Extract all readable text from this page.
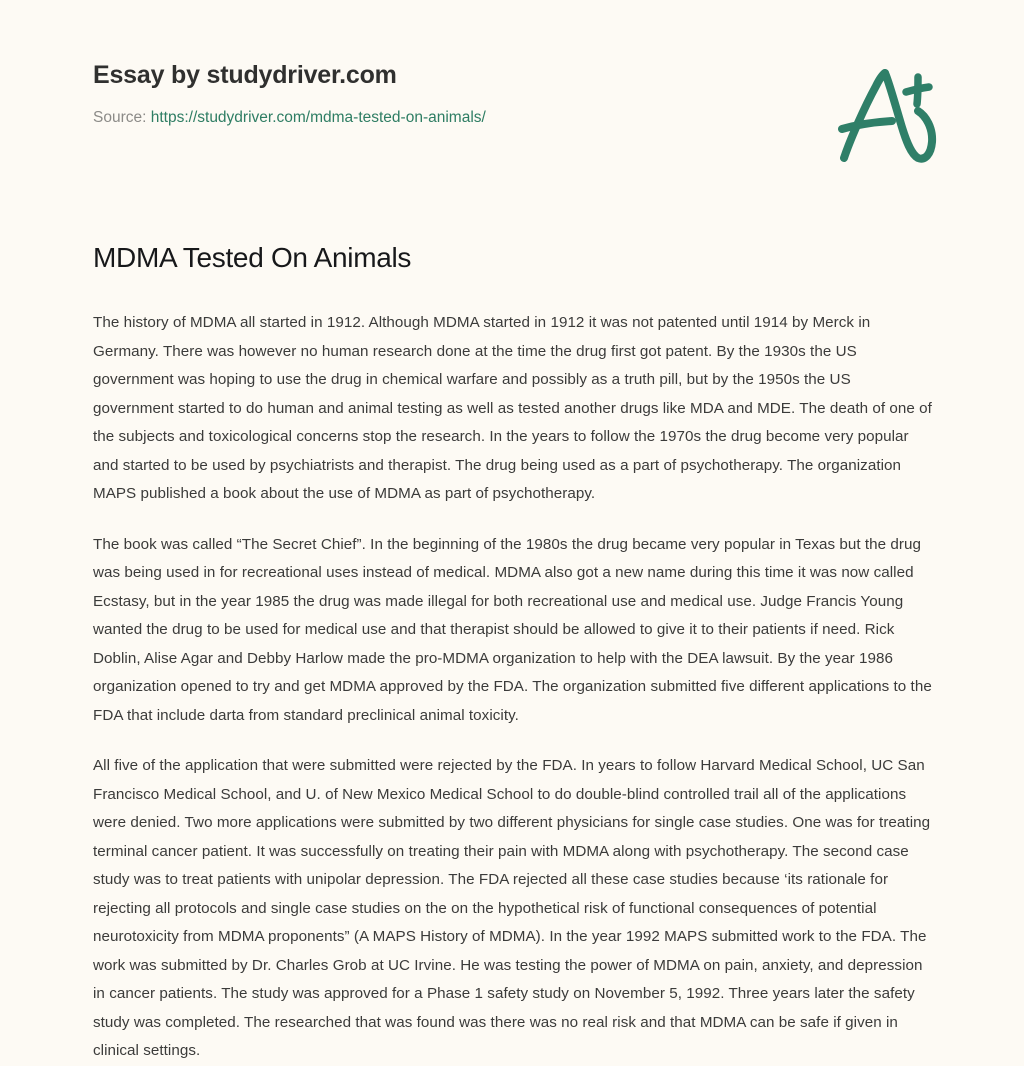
Essay by studydriver.com
Source: https://studydriver.com/mdma-tested-on-animals/
MDMA Tested On Animals

The history of MDMA all started in 1912. Although MDMA started in 1912 it was not patented until 1914 by Merck in Germany. There was however no human research done at the time the drug first got patent. By the 1930s the US government was hoping to use the drug in chemical warfare and possibly as a truth pill, but by the 1950s the US government started to do human and animal testing as well as tested another drugs like MDA and MDE. The death of one of the subjects and toxicological concerns stop the research. In the years to follow the 1970s the drug become very popular and started to be used by psychiatrists and therapist. The drug being used as a part of psychotherapy. The organization MAPS published a book about the use of MDMA as part of psychotherapy.

The book was called “The Secret Chief”. In the beginning of the 1980s the drug became very popular in Texas but the drug was being used in for recreational uses instead of medical. MDMA also got a new name during this time it was now called Ecstasy, but in the year 1985 the drug was made illegal for both recreational use and medical use. Judge Francis Young wanted the drug to be used for medical use and that therapist should be allowed to give it to their patients if need. Rick Doblin, Alise Agar and Debby Harlow made the pro-MDMA organization to help with the DEA lawsuit. By the year 1986 organization opened to try and get MDMA approved by the FDA. The organization submitted five different applications to the FDA that include darta from standard preclinical animal toxicity.

All five of the application that were submitted were rejected by the FDA. In years to follow Harvard Medical School, UC San Francisco Medical School, and U. of New Mexico Medical School to do double-blind controlled trail all of the applications were denied. Two more applications were submitted by two different physicians for single case studies. One was for treating terminal cancer patient. It was successfully on treating their pain with MDMA along with psychotherapy. The second case study was to treat patients with unipolar depression. The FDA rejected all these case studies because ‘its rationale for rejecting all protocols and single case studies on the on the hypothetical risk of functional consequences of potential neurotoxicity from MDMA proponents” (A MAPS History of MDMA). In the year 1992 MAPS submitted work to the FDA. The work was submitted by Dr. Charles Grob at UC Irvine. He was testing the power of MDMA on pain, anxiety, and depression in cancer patients. The study was approved for a Phase 1 safety study on November 5, 1992. Three years later the safety study was completed. The researched that was found was there was no real risk and that MDMA can be safe if given in clinical settings.
